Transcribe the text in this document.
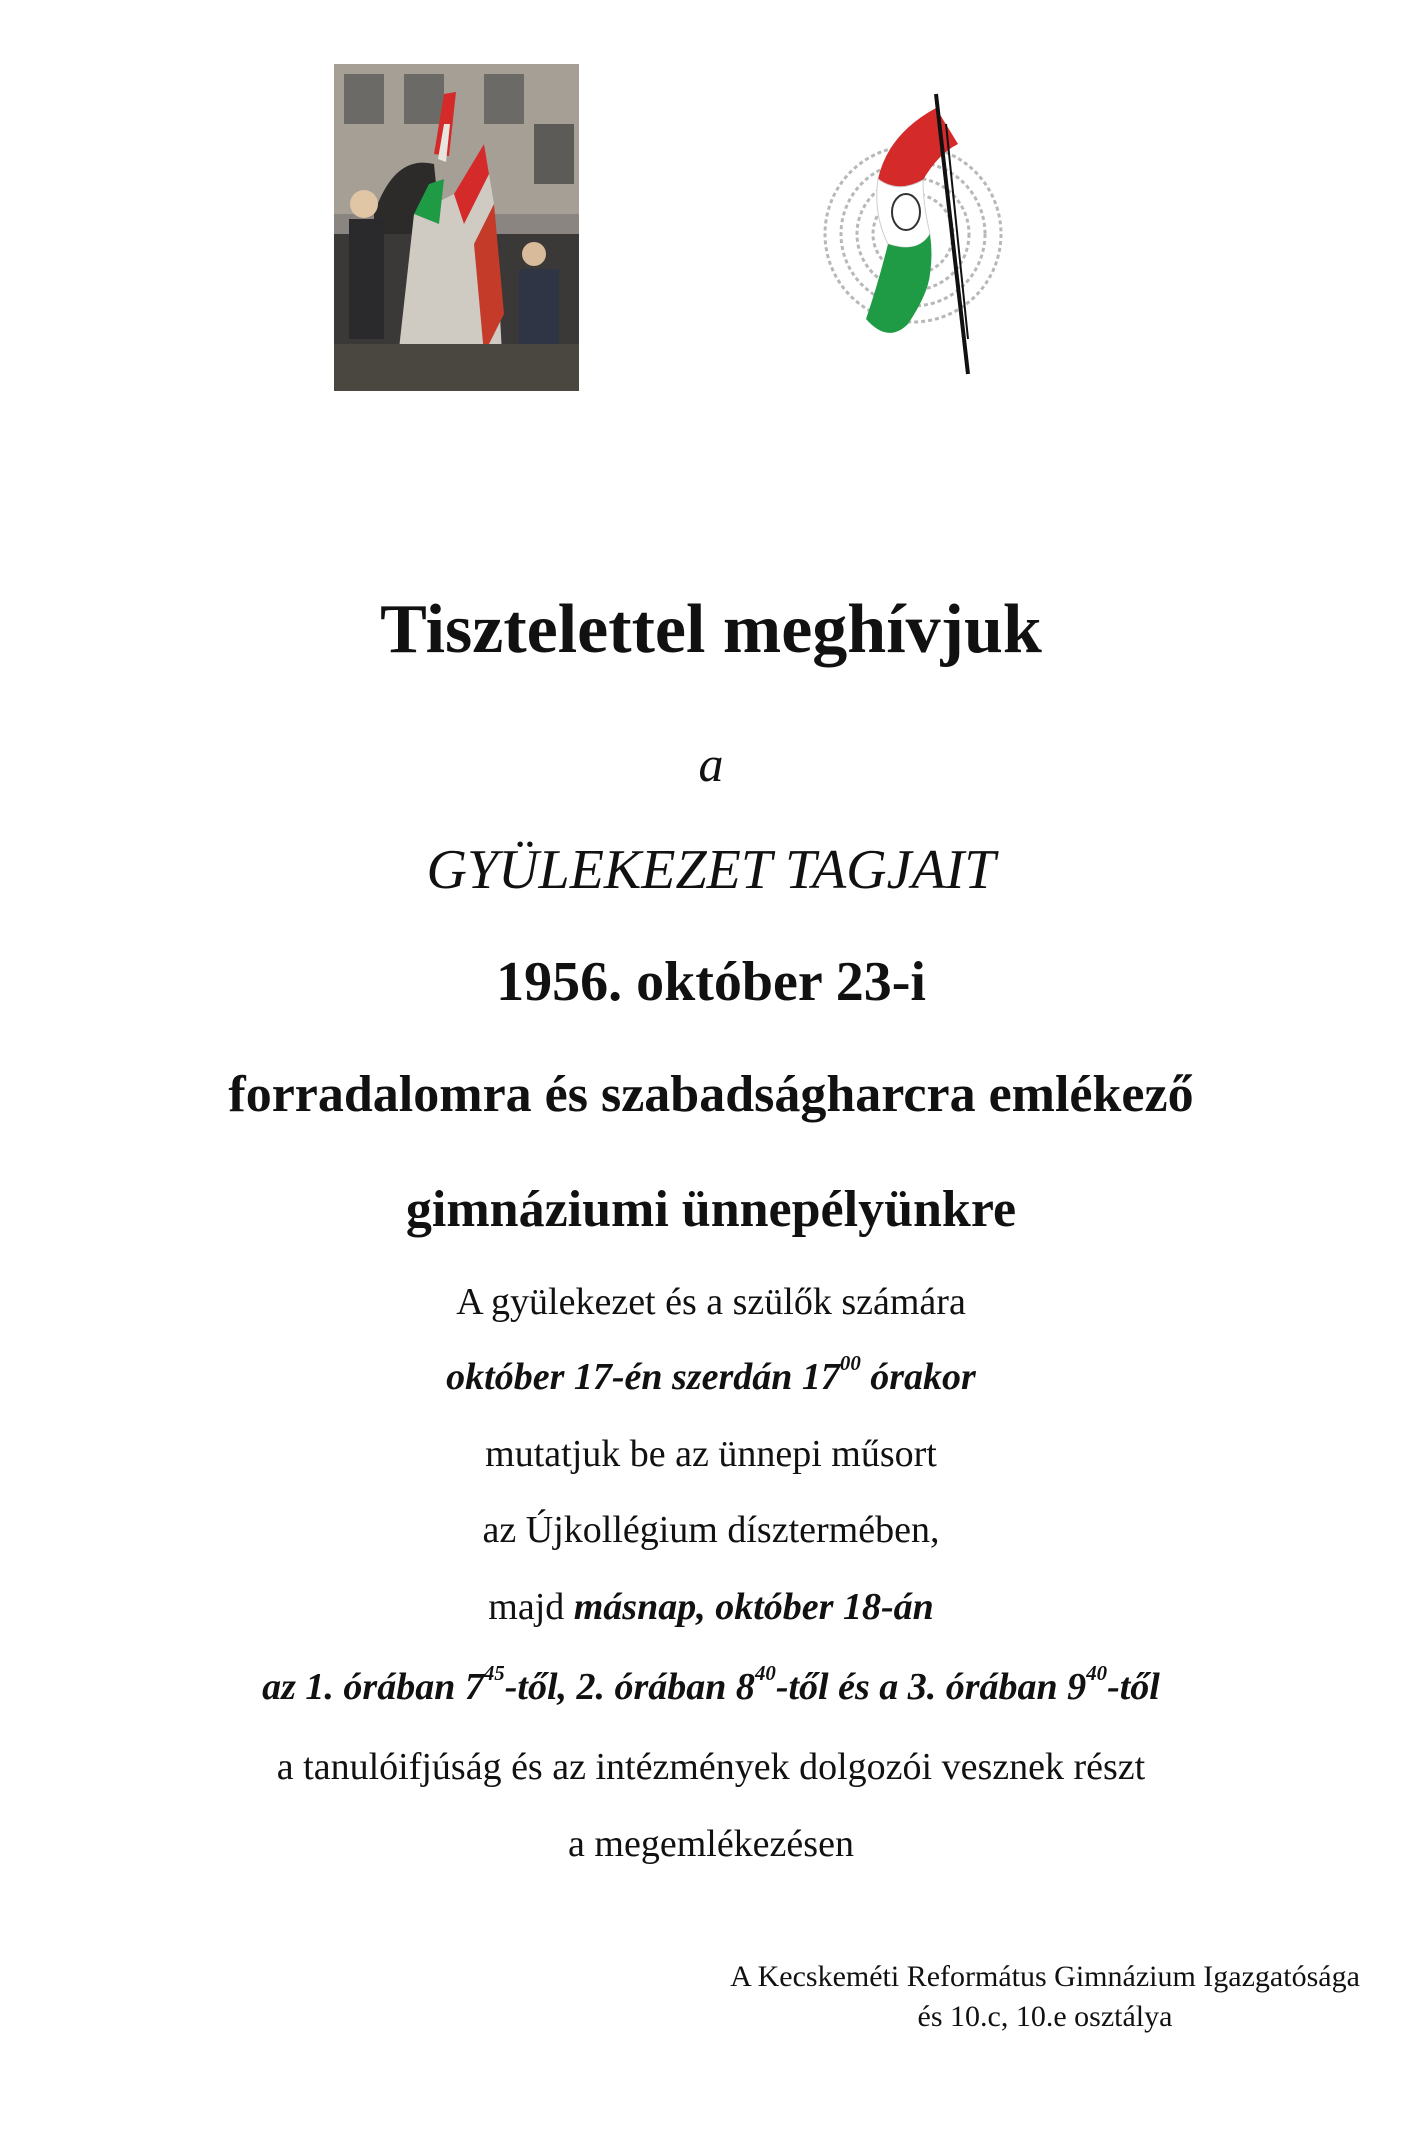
Tisztelettel meghívjuk
a
GYÜLEKEZET TAGJAIT
1956. október 23-i
forradalomra és szabadságharcra emlékező
gimnáziumi ünnepélyünkre
A gyülekezet és a szülők számára
október 17-én szerdán $17^{00}$ órakor
mutatjuk be az ünnepi műsort
az Újkollégium dísztermében,
majd másnap, október 18-án
az 1. órában $7^{45}$-től, 2. órában $8^{40}$-től és a 3. órában $9^{40}$-től
a tanulóifjúság és az intézmények dolgozói vesznek részt
a megemlékezésen
A Kecskeméti Református Gimnázium Igazgatósága
és 10.c, 10.e osztálya
